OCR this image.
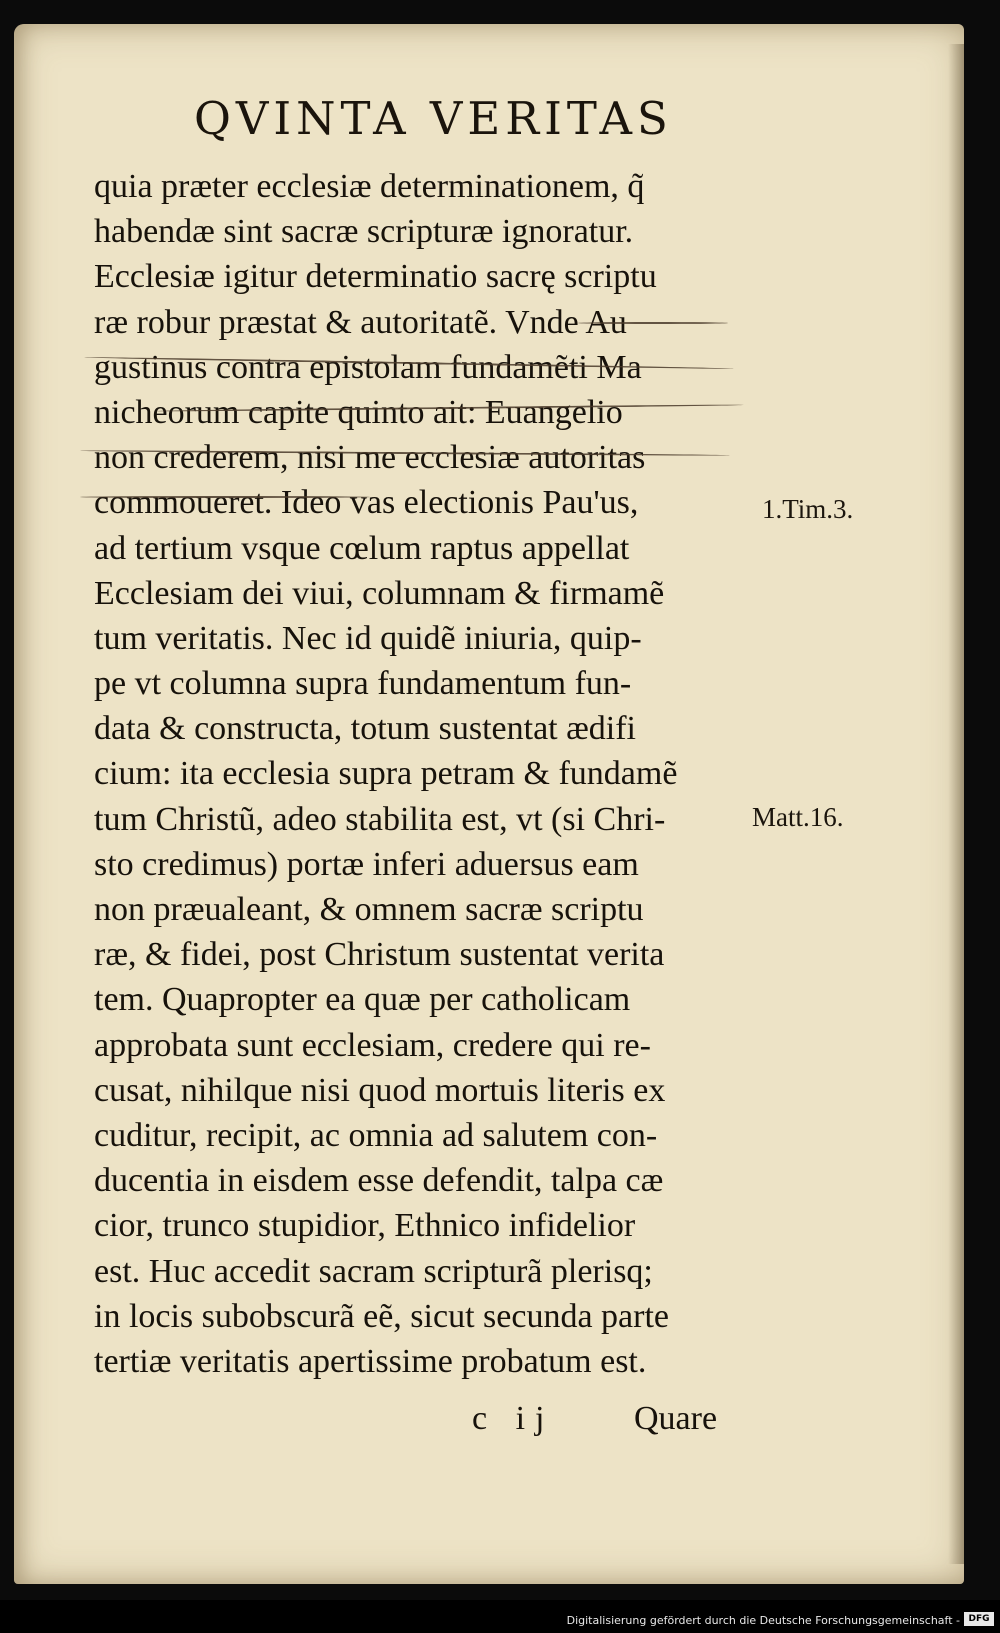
QVINTA VERITAS
quia præter ecclesiæ determinationem, q̃
habendæ sint sacræ scripturæ ignoratur.
Ecclesiæ igitur determinatio sacrę scriptu
ræ robur præstat & autoritatẽ. Vnde Au
gustinus contra epistolam fundamẽti Ma
nicheorum capite quinto ait: Euangelio
non crederem, nisi me ecclesiæ autoritas
commoueret. Ideo vas electionis Pau'us,
ad tertium vsque cœlum raptus appellat
Ecclesiam dei viui, columnam & firmamẽ
tum veritatis. Nec id quidẽ iniuria, quip-
pe vt columna supra fundamentum fun-
data & constructa, totum sustentat ædifi
cium: ita ecclesia supra petram & fundamẽ
tum Christũ, adeo stabilita est, vt (si Chri-
sto credimus) portæ inferi aduersus eam
non præualeant, & omnem sacræ scriptu
ræ, & fidei, post Christum sustentat verita
tem. Quapropter ea quæ per catholicam
approbata sunt ecclesiam, credere qui re-
cusat, nihilque nisi quod mortuis literis ex
cuditur, recipit, ac omnia ad salutem con-
ducentia in eisdem esse defendit, talpa cæ
cior, trunco stupidior, Ethnico infidelior
est. Huc accedit sacram scripturã plerisq;
in locis subobscurã eẽ, sicut secunda parte
tertiæ veritatis apertissime probatum est.
1.Tim.3.
Matt.16.
c ij Quare
Digitalisierung gefördert durch die Deutsche Forschungsgemeinschaft - DFG
